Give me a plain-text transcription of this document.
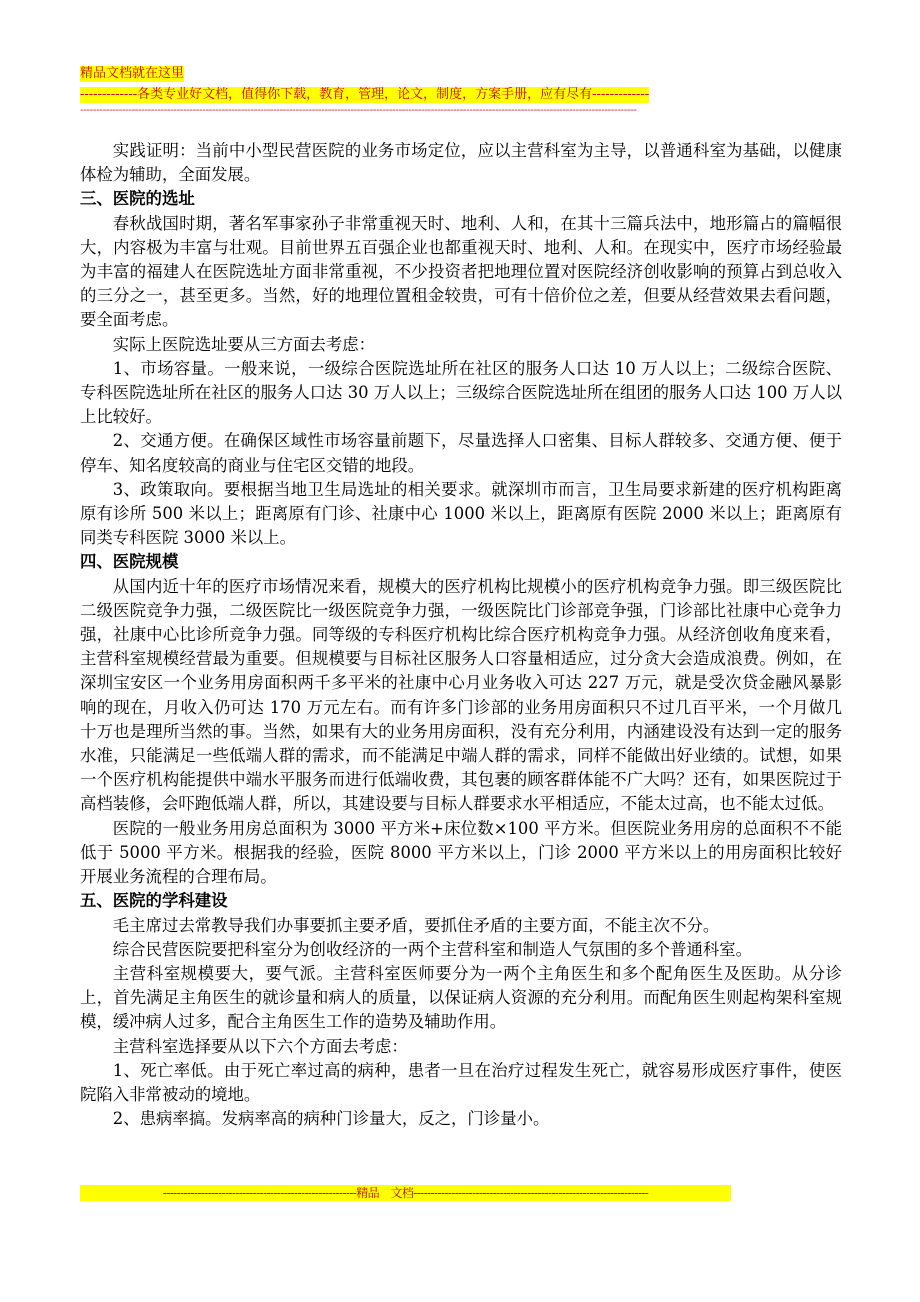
精品文档就在这里
-------------各类专业好文档，值得你下载，教育，管理，论文，制度，方案手册，应有尽有-------------
-----------------------------------------------------------------------------------------------------------------------------------------------------------------------------

实践证明：当前中小型民营医院的业务市场定位，应以主营科室为主导，以普通科室为基础，以健康体检为辅助，全面发展。

三、医院的选址

春秋战国时期，著名军事家孙子非常重视天时、地利、人和，在其十三篇兵法中，地形篇占的篇幅很大，内容极为丰富与壮观。目前世界五百强企业也都重视天时、地利、人和。在现实中，医疗市场经验最为丰富的福建人在医院选址方面非常重视，不少投资者把地理位置对医院经济创收影响的预算占到总收入的三分之一，甚至更多。当然，好的地理位置租金较贵，可有十倍价位之差，但要从经营效果去看问题，要全面考虑。

实际上医院选址要从三方面去考虑：

1、市场容量。一般来说，一级综合医院选址所在社区的服务人口达 10 万人以上；二级综合医院、专科医院选址所在社区的服务人口达 30 万人以上；三级综合医院选址所在组团的服务人口达 100 万人以上比较好。

2、交通方便。在确保区域性市场容量前题下，尽量选择人口密集、目标人群较多、交通方便、便于停车、知名度较高的商业与住宅区交错的地段。

3、政策取向。要根据当地卫生局选址的相关要求。就深圳市而言，卫生局要求新建的医疗机构距离原有诊所 500 米以上；距离原有门诊、社康中心 1000 米以上，距离原有医院 2000 米以上；距离原有同类专科医院 3000 米以上。

四、医院规模

从国内近十年的医疗市场情况来看，规模大的医疗机构比规模小的医疗机构竞争力强。即三级医院比二级医院竞争力强，二级医院比一级医院竞争力强，一级医院比门诊部竞争强，门诊部比社康中心竞争力强，社康中心比诊所竞争力强。同等级的专科医疗机构比综合医疗机构竞争力强。从经济创收角度来看，主营科室规模经营最为重要。但规模要与目标社区服务人口容量相适应，过分贪大会造成浪费。例如，在深圳宝安区一个业务用房面积两千多平米的社康中心月业务收入可达 227 万元，就是受次贷金融风暴影响的现在，月收入仍可达 170 万元左右。而有许多门诊部的业务用房面积只不过几百平米，一个月做几十万也是理所当然的事。当然，如果有大的业务用房面积，没有充分利用，内涵建设没有达到一定的服务水准，只能满足一些低端人群的需求，而不能满足中端人群的需求，同样不能做出好业绩的。试想，如果一个医疗机构能提供中端水平服务而进行低端收费，其包裹的顾客群体能不广大吗？还有，如果医院过于高档装修，会吓跑低端人群，所以，其建设要与目标人群要求水平相适应，不能太过高，也不能太过低。

医院的一般业务用房总面积为 3000 平方米+床位数×100 平方米。但医院业务用房的总面积不不能低于 5000 平方米。根据我的经验，医院 8000 平方米以上，门诊 2000 平方米以上的用房面积比较好开展业务流程的合理布局。

五、医院的学科建设

毛主席过去常教导我们办事要抓主要矛盾，要抓住矛盾的主要方面，不能主次不分。

综合民营医院要把科室分为创收经济的一两个主营科室和制造人气氛围的多个普通科室。

主营科室规模要大，要气派。主营科室医师要分为一两个主角医生和多个配角医生及医助。从分诊上，首先满足主角医生的就诊量和病人的质量，以保证病人资源的充分利用。而配角医生则起构架科室规模，缓冲病人过多，配合主角医生工作的造势及辅助作用。

主营科室选择要从以下六个方面去考虑：

1、死亡率低。由于死亡率过高的病种，患者一旦在治疗过程发生死亡，就容易形成医疗事件，使医院陷入非常被动的境地。

2、患病率搞。发病率高的病种门诊量大，反之，门诊量小。

--------------------------------------------------------精品　文档--------------------------------------------------------------------
